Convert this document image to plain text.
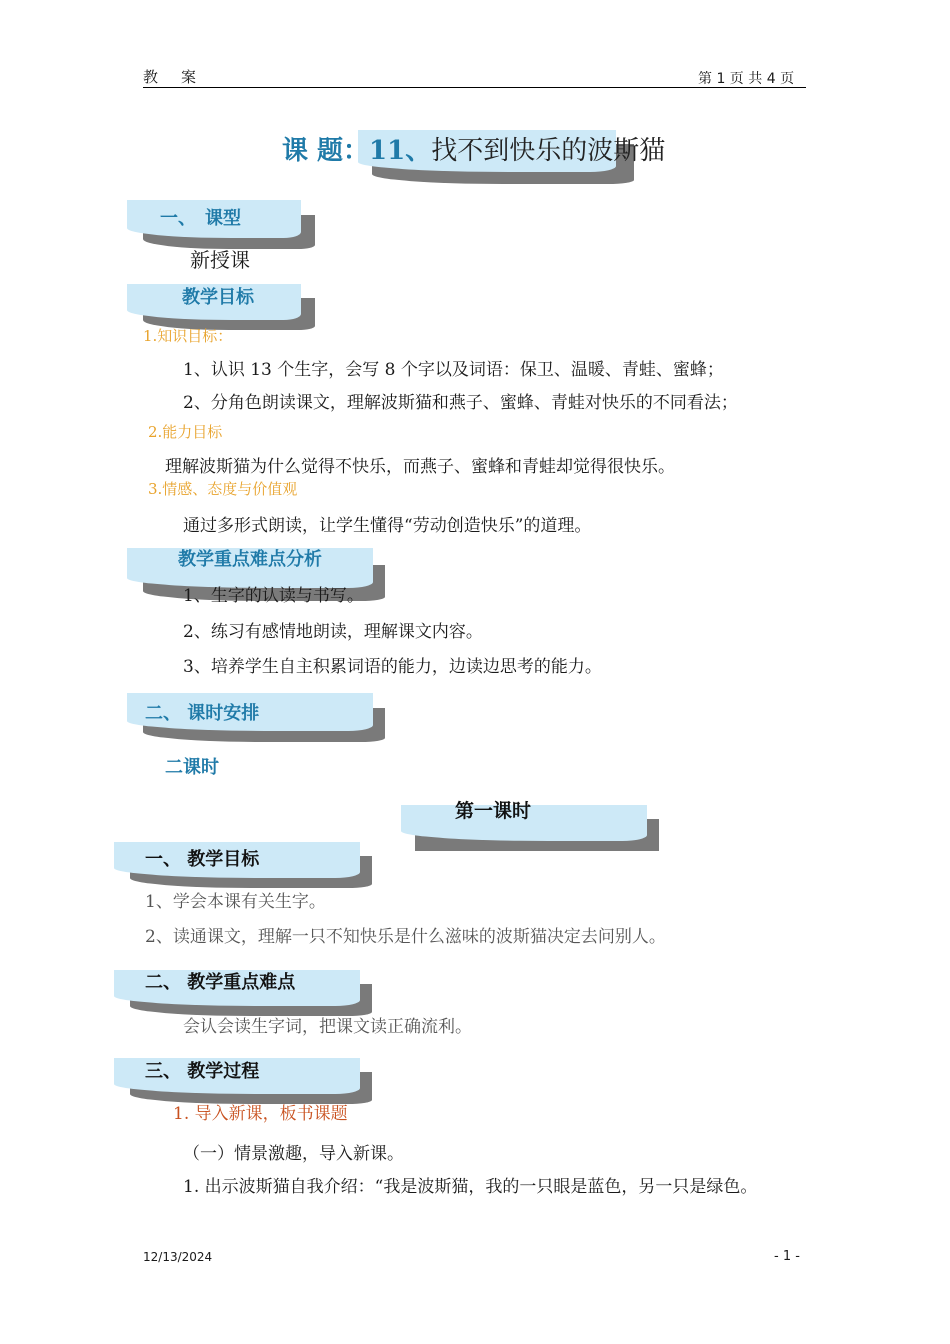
教　案	第 1 页 共 4 页
课 题：11、找不到快乐的波斯猫
一、　课型
新授课
教学目标
1.知识目标：
1、认识 13 个生字，会写 8 个字以及词语：保卫、温暖、青蛙、蜜蜂；
2、分角色朗读课文，理解波斯猫和燕子、蜜蜂、青蛙对快乐的不同看法；
2.能力目标
理解波斯猫为什么觉得不快乐，而燕子、蜜蜂和青蛙却觉得很快乐。
3.情感、态度与价值观
通过多形式朗读，让学生懂得“劳动创造快乐”的道理。
教学重点难点分析
1、生字的认读与书写。
2、练习有感情地朗读，理解课文内容。
3、培养学生自主积累词语的能力，边读边思考的能力。
二、 课时安排
二课时
第一课时
一、 教学目标
1、学会本课有关生字。
2、读通课文，理解一只不知快乐是什么滋味的波斯猫决定去问别人。
二、 教学重点难点
会认会读生字词，把课文读正确流利。
三、 教学过程
1. 导入新课，板书课题
（一）情景激趣，导入新课。
1. 出示波斯猫自我介绍：“我是波斯猫，我的一只眼是蓝色，另一只是绿色。
12/13/2024	- 1 -
